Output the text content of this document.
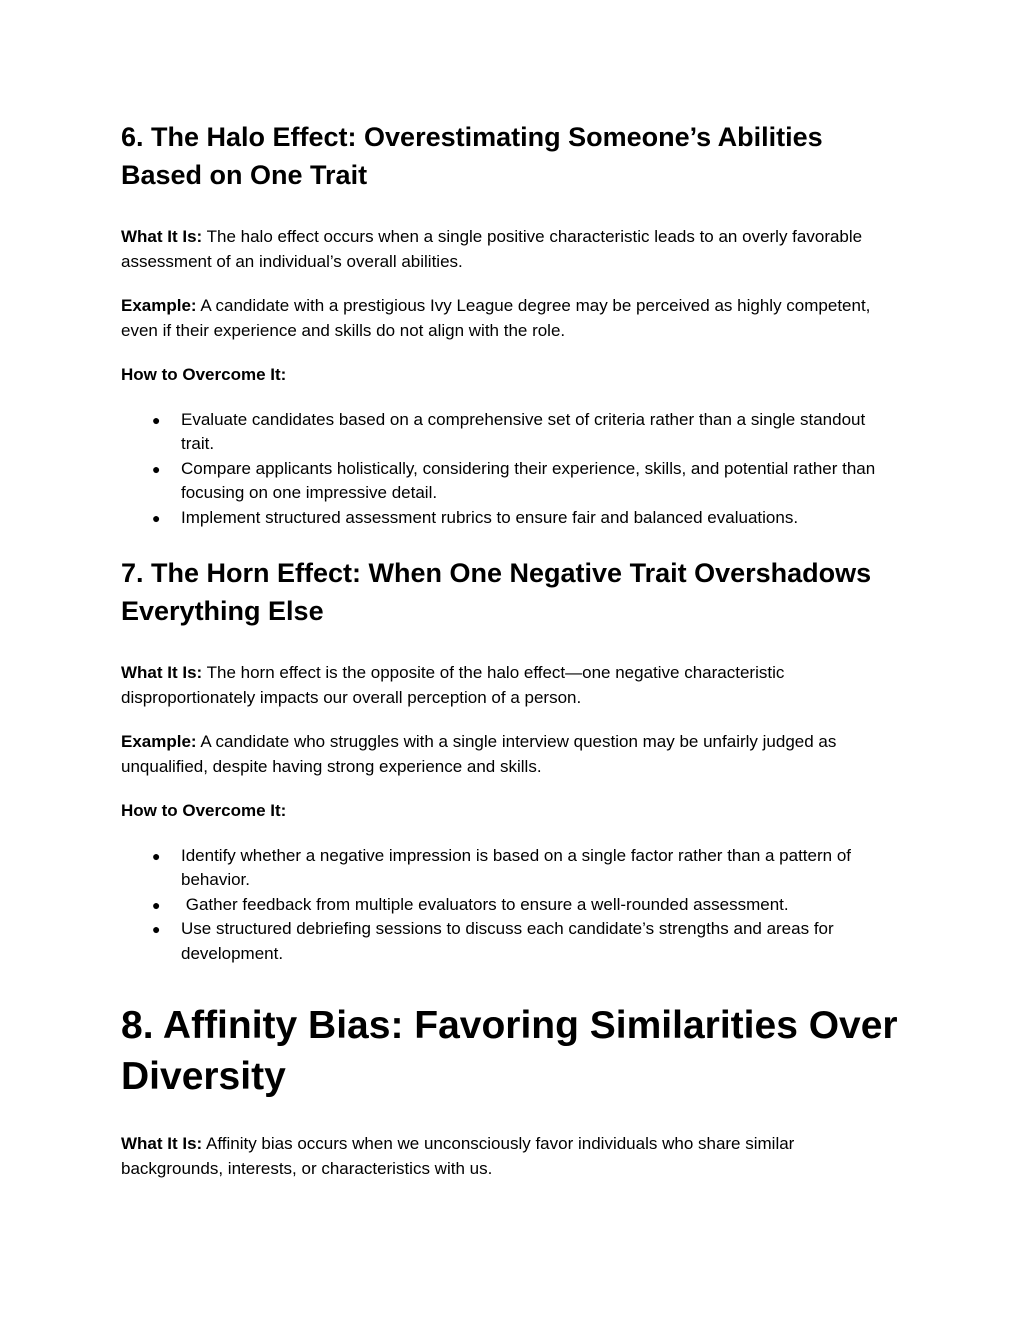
6. The Halo Effect: Overestimating Someone’s Abilities Based on One Trait

What It Is: The halo effect occurs when a single positive characteristic leads to an overly favorable assessment of an individual’s overall abilities.

Example: A candidate with a prestigious Ivy League degree may be perceived as highly competent, even if their experience and skills do not align with the role.

How to Overcome It:

● Evaluate candidates based on a comprehensive set of criteria rather than a single standout trait.
● Compare applicants holistically, considering their experience, skills, and potential rather than focusing on one impressive detail.
● Implement structured assessment rubrics to ensure fair and balanced evaluations.
7. The Horn Effect: When One Negative Trait Overshadows Everything Else

What It Is: The horn effect is the opposite of the halo effect—one negative characteristic disproportionately impacts our overall perception of a person.

Example: A candidate who struggles with a single interview question may be unfairly judged as unqualified, despite having strong experience and skills.

How to Overcome It:

● Identify whether a negative impression is based on a single factor rather than a pattern of behavior.
● Gather feedback from multiple evaluators to ensure a well-rounded assessment.
● Use structured debriefing sessions to discuss each candidate’s strengths and areas for development.
8. Affinity Bias: Favoring Similarities Over Diversity

What It Is: Affinity bias occurs when we unconsciously favor individuals who share similar backgrounds, interests, or characteristics with us.
